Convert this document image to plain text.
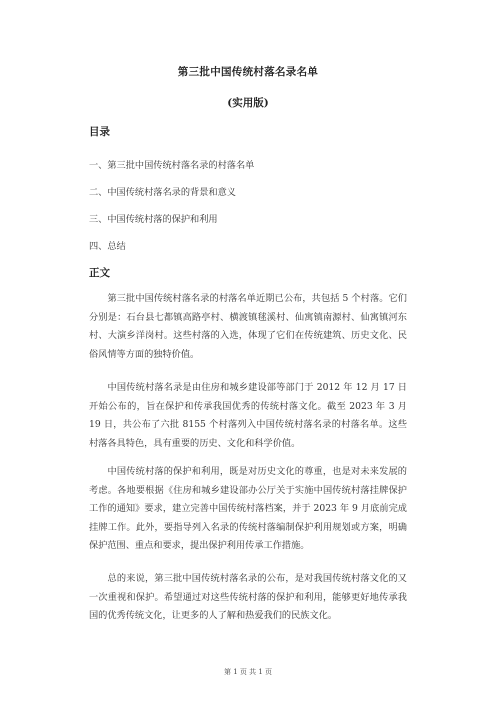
第三批中国传统村落名录名单
(实用版)
目录
一、第三批中国传统村落名录的村落名单
二、中国传统村落名录的背景和意义
三、中国传统村落的保护和利用
四、总结
正文

第三批中国传统村落名录的村落名单近期已公布，共包括 5 个村落。它们分别是：石台县七都镇高路亭村、横渡镇毬溪村、仙寓镇南源村、仙寓镇河东村、大演乡洋岗村。这些村落的入选，体现了它们在传统建筑、历史文化、民俗风情等方面的独特价值。

中国传统村落名录是由住房和城乡建设部等部门于 2012 年 12 月 17 日开始公布的，旨在保护和传承我国优秀的传统村落文化。截至 2023 年 3 月 19 日，共公布了六批 8155 个村落列入中国传统村落名录的村落名单。这些村落各具特色，具有重要的历史、文化和科学价值。

中国传统村落的保护和利用，既是对历史文化的尊重，也是对未来发展的考虑。各地要根据《住房和城乡建设部办公厅关于实施中国传统村落挂牌保护工作的通知》要求，建立完善中国传统村落档案，并于 2023 年 9 月底前完成挂牌工作。此外，要指导列入名录的传统村落编制保护利用规划或方案，明确保护范围、重点和要求，提出保护利用传承工作措施。

总的来说，第三批中国传统村落名录的公布，是对我国传统村落文化的又一次重视和保护。希望通过对这些传统村落的保护和利用，能够更好地传承我国的优秀传统文化，让更多的人了解和热爱我们的民族文化。

第 1 页 共 1 页
